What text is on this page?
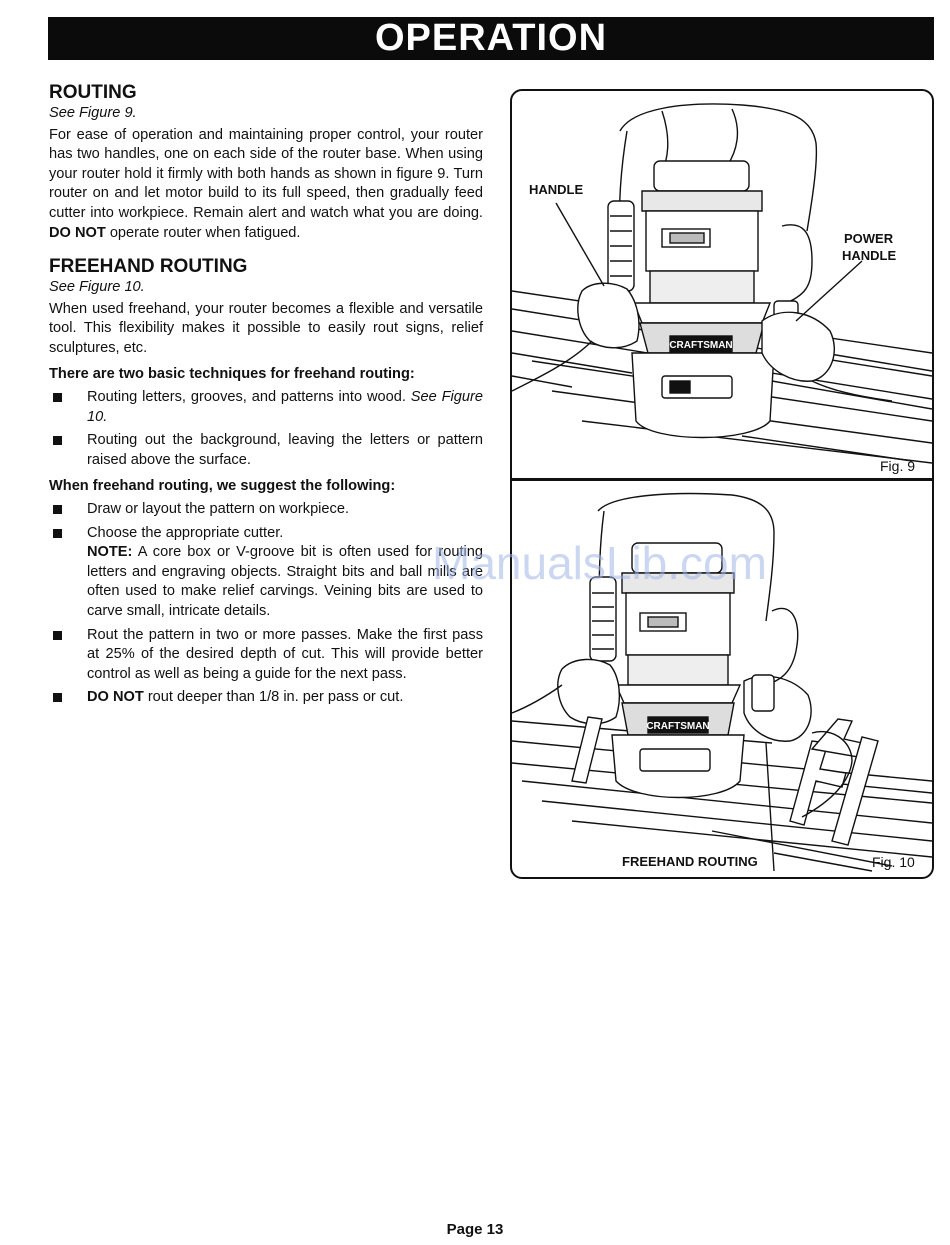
OPERATION
ROUTING
See Figure 9.

For ease of operation and maintaining proper control, your router has two handles, one on each side of the router base. When using your router hold it firmly with both hands as shown in figure 9. Turn router on and let motor build to its full speed, then gradually feed cutter into workpiece. Remain alert and watch what you are doing. DO NOT operate router when fatigued.

FREEHAND ROUTING
See Figure 10.

When used freehand, your router becomes a flexible and versatile tool. This flexibility makes it possible to easily rout signs, relief sculptures, etc.

There are two basic techniques for freehand routing:

Routing letters, grooves, and patterns into wood. See Figure 10.
Routing out the background, leaving the letters or pattern raised above the surface.

When freehand routing, we suggest the following:

Draw or layout the pattern on workpiece.
Choose the appropriate cutter.
NOTE: A core box or V-groove bit is often used for routing letters and engraving objects. Straight bits and ball mills are often used to make relief carvings. Veining bits are used to carve small, intricate details.
Rout the pattern in two or more passes. Make the first pass at 25% of the desired depth of cut. This will provide better control as well as being a guide for the next pass.
DO NOT rout deeper than 1/8 in. per pass or cut.
CRAFTSMAN
HANDLE
POWER
HANDLE
Fig. 9
CRAFTSMAN
FREEHAND ROUTING	Fig. 10
ManualsLib.com
Page 13
